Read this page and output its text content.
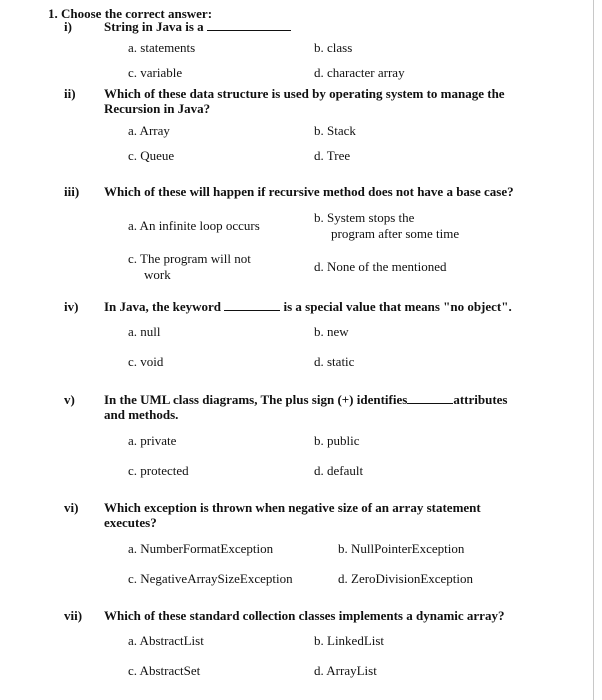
1. Choose the correct answer:
i) String in Java is a
a. statements	b. class
c. variable	d. character array
ii) Which of these data structure is used by operating system to manage the
Recursion in Java?
a. Array	b. Stack
c. Queue	d. Tree
iii) Which of these will happen if recursive method does not have a base case?
a. An infinite loop occurs
b. System stops the
program after some time
c. The program will not
work
d. None of the mentioned
iv) In Java, the keyword	is a special value that means "no object".
a. null	b. new
c. void	d. static
v) In the UML class diagrams, The plus sign (+) identifies	attributes
and methods.
a. private	b. public
c. protected	d. default
vi) Which exception is thrown when negative size of an array statement
executes?
a. NumberFormatException	b. NullPointerException
c. NegativeArraySizeException	d. ZeroDivisionException
vii) Which of these standard collection classes implements a dynamic array?
a. AbstractList	b. LinkedList
c. AbstractSet	d. ArrayList
